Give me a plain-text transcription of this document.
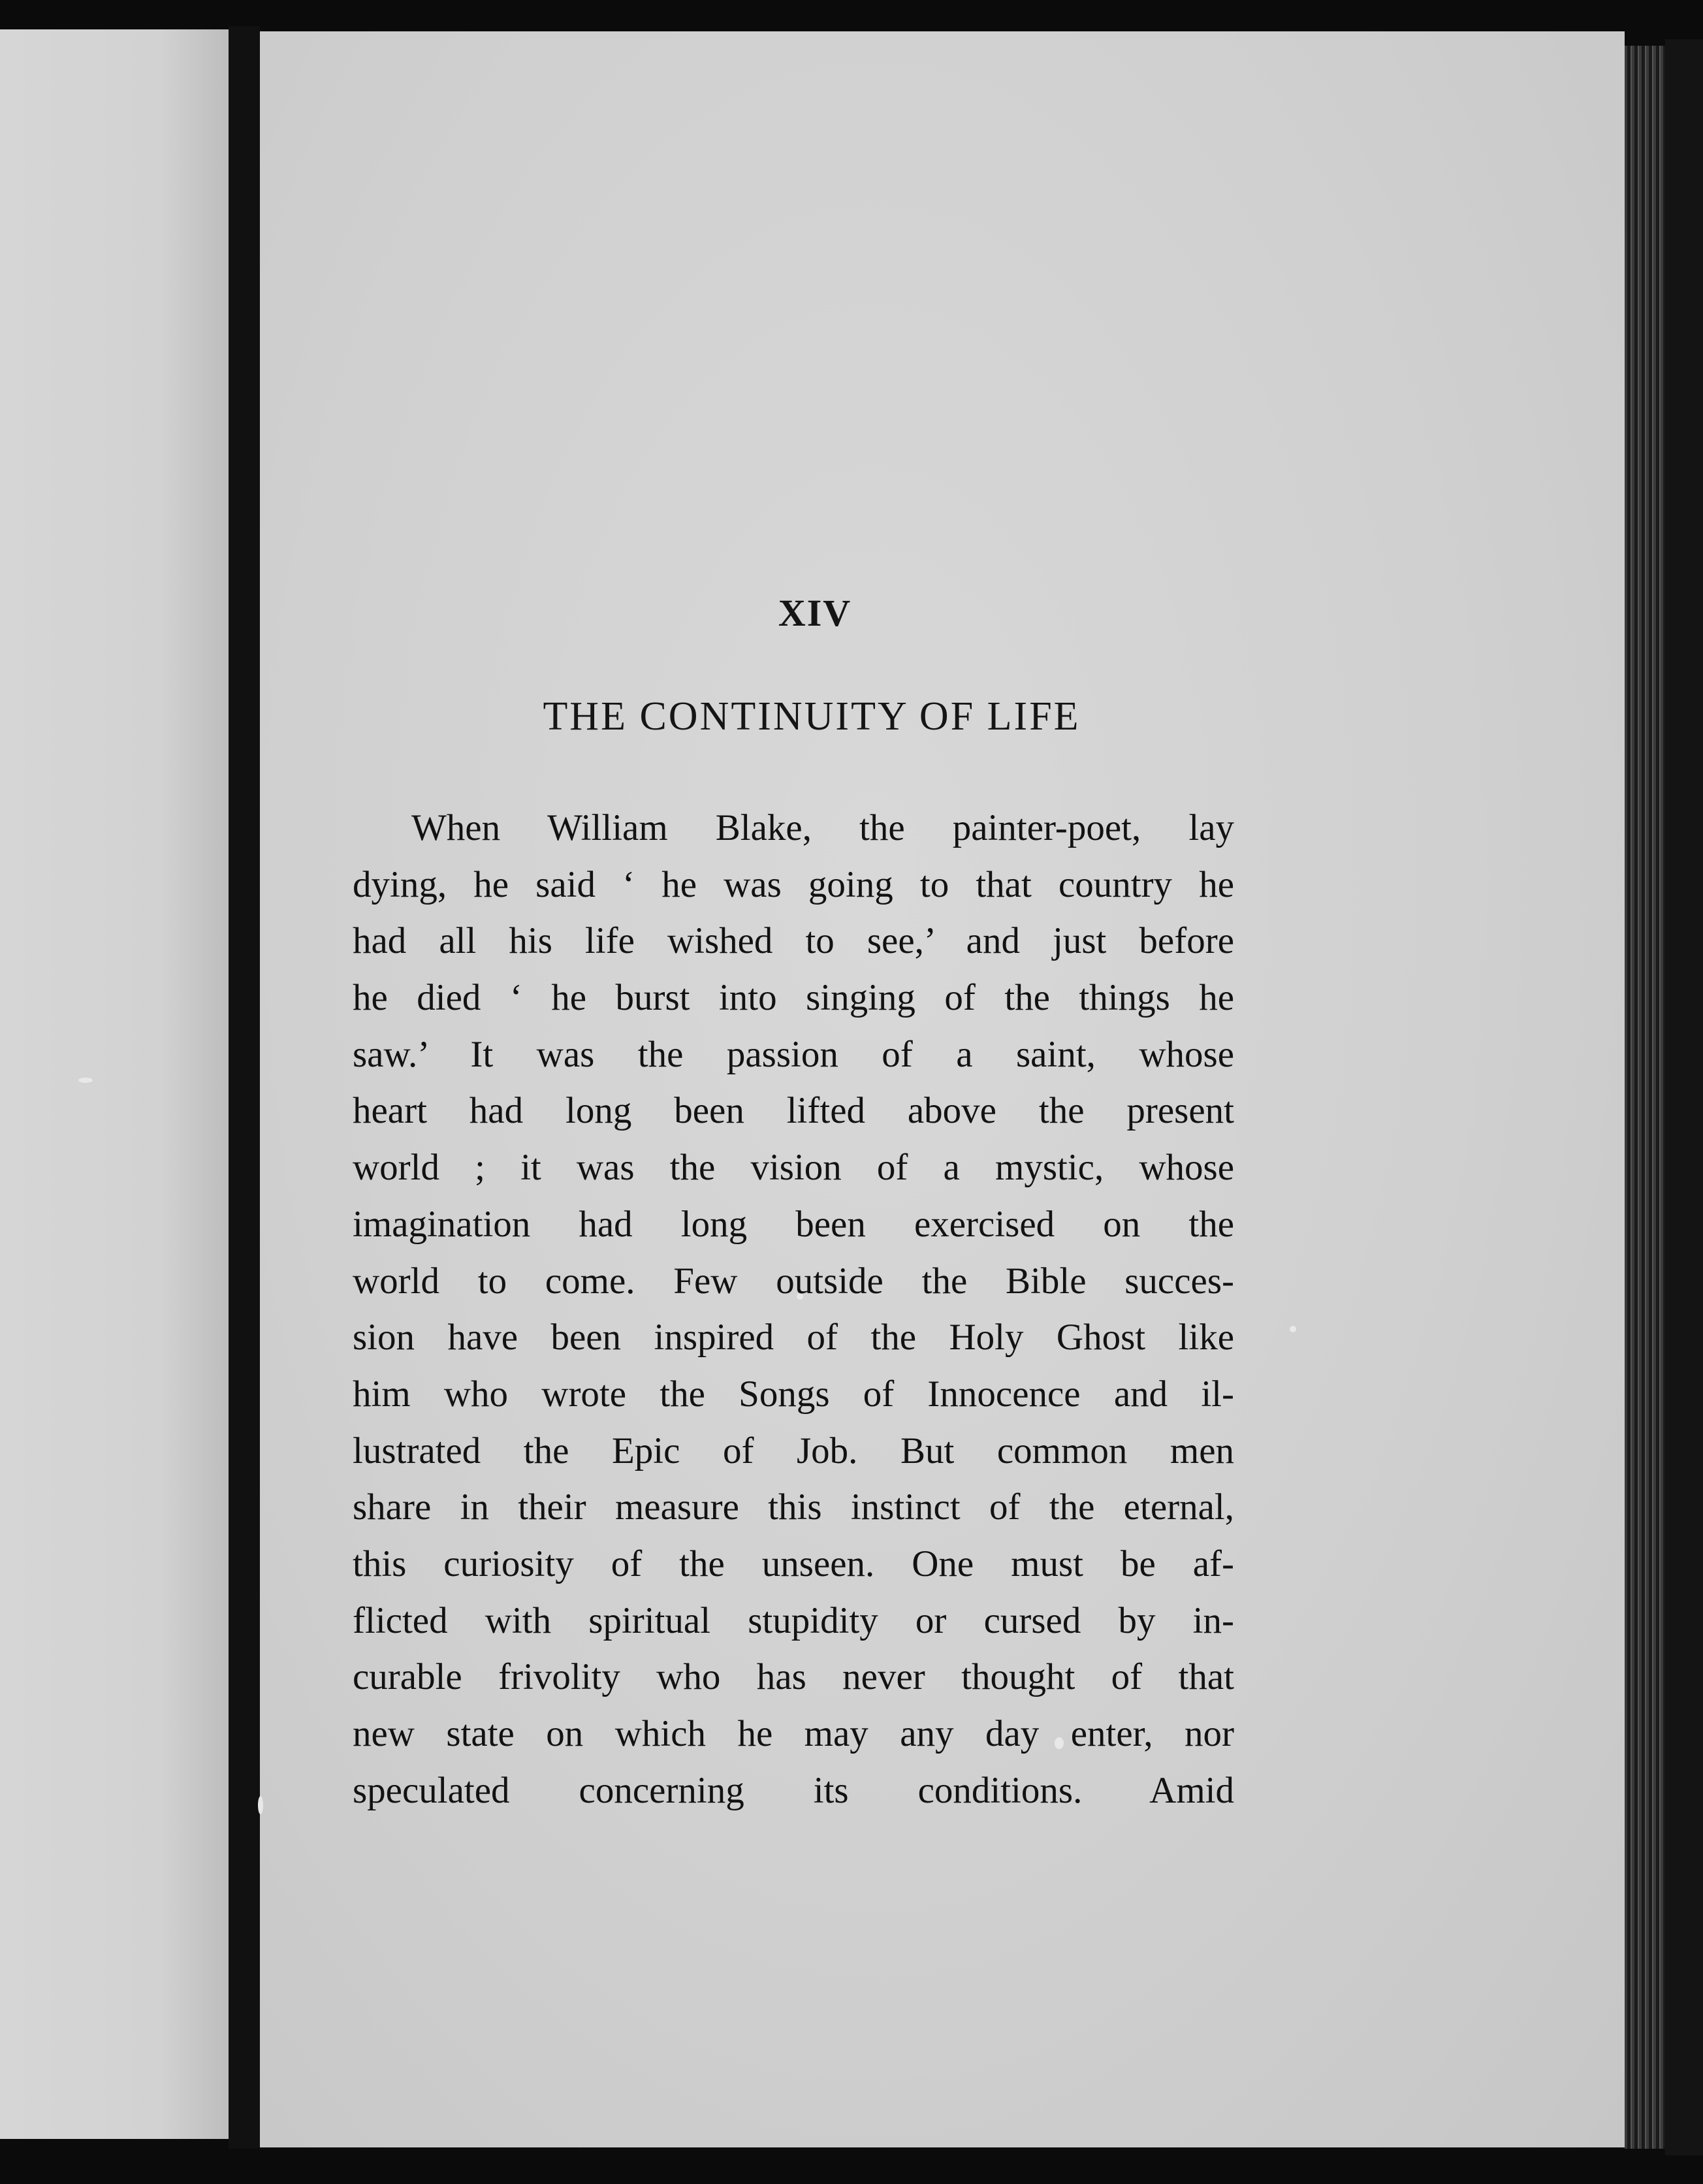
XIV
THE CONTINUITY OF LIFE
When William Blake, the painter-poet, lay
dying, he said ‘ he was going to that country he
had all his life wished to see,’ and just before
he died ‘ he burst into singing of the things he
saw.’ It was the passion of a saint, whose
heart had long been lifted above the present
world ; it was the vision of a mystic, whose
imagination had long been exercised on the
world to come. Few outside the Bible succes-
sion have been inspired of the Holy Ghost like
him who wrote the Songs of Innocence and il-
lustrated the Epic of Job. But common men
share in their measure this instinct of the eternal,
this curiosity of the unseen. One must be af-
flicted with spiritual stupidity or cursed by in-
curable frivolity who has never thought of that
new state on which he may any day enter, nor
speculated concerning its conditions. Amid
